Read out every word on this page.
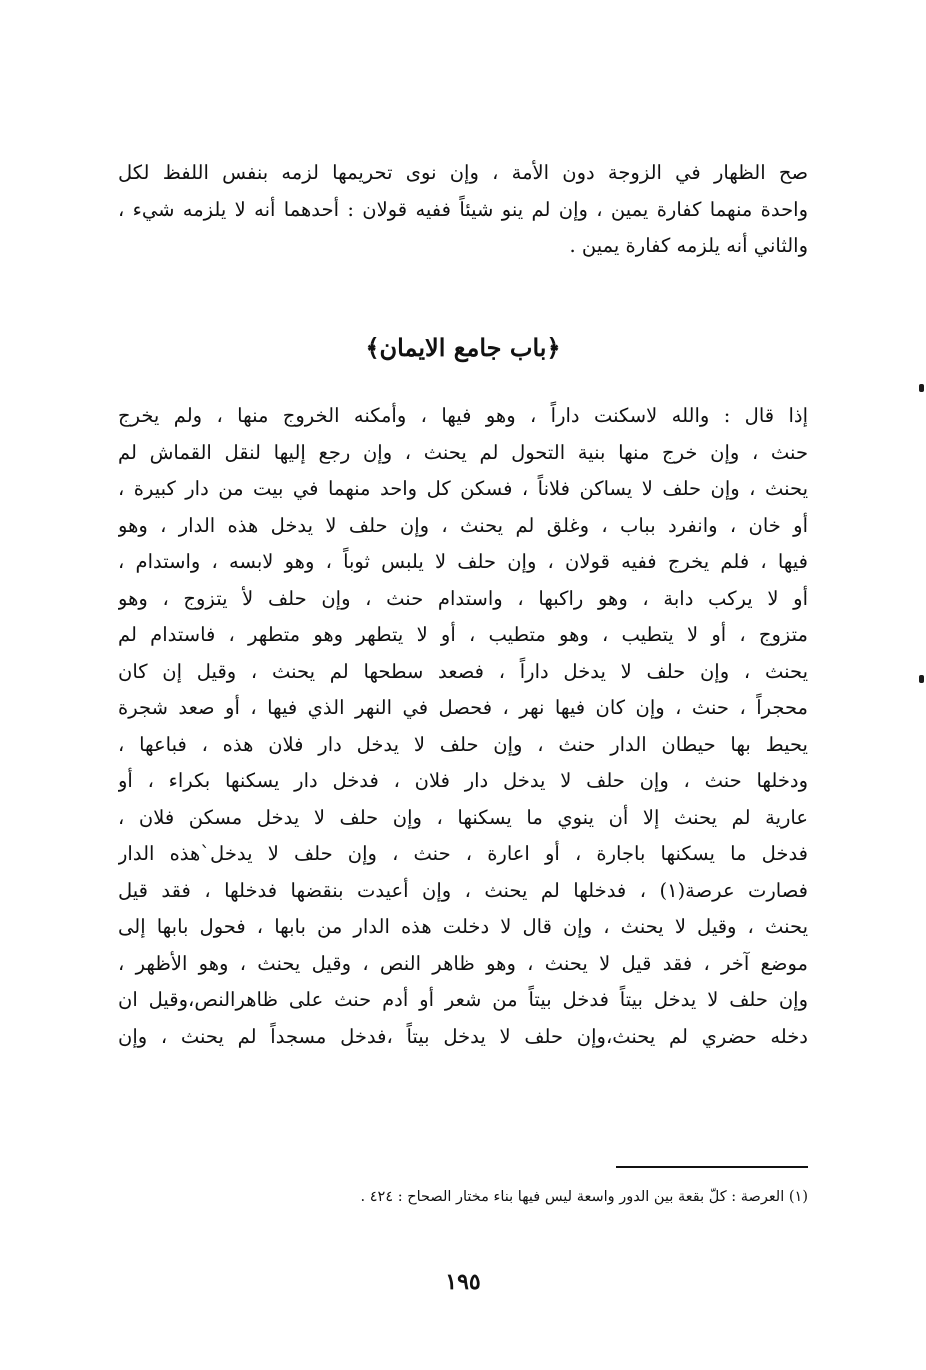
صح الظهار في الزوجة دون الأمة ، وإن نوى تحريمها لزمه بنفس اللفظ لكل
واحدة منهما كفارة يمين ، وإن لم ينو شيئاً ففيه قولان : أحدهما أنه لا يلزمه شيء ،
والثاني أنه يلزمه كفارة يمين .
﴿باب جامع الايمان﴾
إذا قال : والله لاسكنت داراً ، وهو فيها ، وأمكنه الخروج منها ، ولم يخرج
حنث ، وإن خرج منها بنية التحول لم يحنث ، وإن رجع إليها لنقل القماش لم
يحنث ، وإن حلف لا يساكن فلاناً ، فسكن كل واحد منهما في بيت من دار كبيرة ،
أو خان ، وانفرد بباب ، وغلق لم يحنث ، وإن حلف لا يدخل هذه الدار ، وهو
فيها ، فلم يخرج ففيه قولان ، وإن حلف لا يلبس ثوباً ، وهو لابسه ، واستدام ،
أو لا يركب دابة ، وهو راكبها ، واستدام حنث ، وإن حلف لأ يتزوج ، وهو
متزوج ، أو لا يتطيب ، وهو متطيب ، أو لا يتطهر وهو متطهر ، فاستدام لم
يحنث ، وإن حلف لا يدخل داراً ، فصعد سطحها لم يحنث ، وقيل إن كان
محجراً ، حنث ، وإن كان فيها نهر ، فحصل في النهر الذي فيها ، أو صعد شجرة
يحيط بها حيطان الدار حنث ، وإن حلف لا يدخل دار فلان هذه ، فباعها ،
ودخلها حنث ، وإن حلف لا يدخل دار فلان ، فدخل دار يسكنها بكراء ، أو
عارية لم يحنث إلا أن ينوي ما يسكنها ، وإن حلف لا يدخل مسكن فلان ،
فدخل ما يسكنها باجارة ، أو اعارة ، حنث ، وإن حلف لا يدخل`هذه الدار
فصارت عرصة(١) ، فدخلها لم يحنث ، وإن أعيدت بنقضها فدخلها ، فقد قيل
يحنث ، وقيل لا يحنث ، وإن قال لا دخلت هذه الدار من بابها ، فحول بابها إلى
موضع آخر ، فقد قيل لا يحنث ، وهو ظاهر النص ، وقيل يحنث ، وهو الأظهر ،
وإن حلف لا يدخل بيتاً فدخل بيتاً من شعر أو أدم حنث على ظاهرالنص،وقيل ان
دخله حضري لم يحنث،وإن حلف لا يدخل بيتاً ،فدخل مسجداً لم يحنث ، وإن
(١) العرصة : كلّ بقعة بين الدور واسعة ليس فيها بناء مختار الصحاح : ٤٢٤ .
١٩٥
